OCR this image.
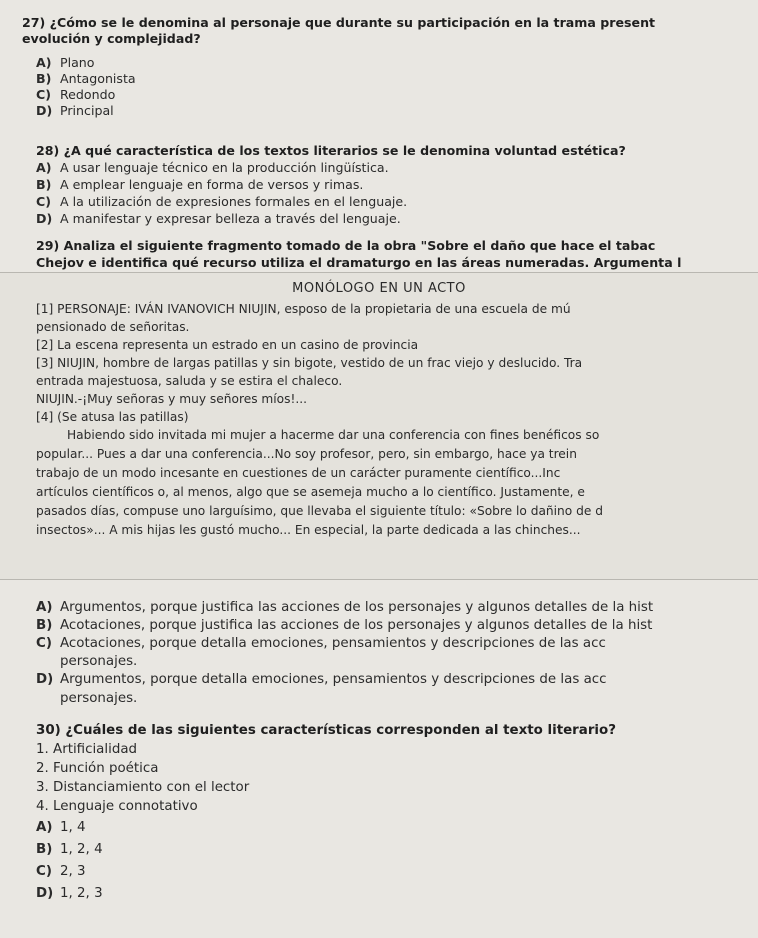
27) ¿Cómo se le denomina al personaje que durante su participación en la trama present
evolución y complejidad?
A) Plano
B) Antagonista
C) Redondo
D) Principal
28) ¿A qué característica de los textos literarios se le denomina voluntad estética?
A) A usar lenguaje técnico en la producción lingüística.
B) A emplear lenguaje en forma de versos y rimas.
C) A la utilización de expresiones formales en el lenguaje.
D) A manifestar y expresar belleza a través del lenguaje.
29) Analiza el siguiente fragmento tomado de la obra "Sobre el daño que hace el tabac
Chejov e identifica qué recurso utiliza el dramaturgo en las áreas numeradas. Argumenta l
MONÓLOGO EN UN ACTO
[1] PERSONAJE: IVÁN IVANOVICH NIUJIN, esposo de la propietaria de una escuela de mú
pensionado de señoritas.
[2] La escena representa un estrado en un casino de provincia
[3] NIUJIN, hombre de largas patillas y sin bigote, vestido de un frac viejo y deslucido. Tra
entrada majestuosa, saluda y se estira el chaleco.
NIUJIN.-¡Muy señoras y muy señores míos!...
[4] (Se atusa las patillas)
Habiendo sido invitada mi mujer a hacerme dar una conferencia con fines benéficos so
popular... Pues a dar una conferencia...No soy profesor, pero, sin embargo, hace ya trein
trabajo de un modo incesante en cuestiones de un carácter puramente científico...Inc
artículos científicos o, al menos, algo que se asemeja mucho a lo científico. Justamente, e
pasados días, compuse uno larguísimo, que llevaba el siguiente título: «Sobre lo dañino de d
insectos»... A mis hijas les gustó mucho... En especial, la parte dedicada a las chinches...
A) Argumentos, porque justifica las acciones de los personajes y algunos detalles de la hist
B) Acotaciones, porque justifica las acciones de los personajes y algunos detalles de la hist
C) Acotaciones, porque detalla emociones, pensamientos y descripciones de las acc
personajes.
D) Argumentos, porque detalla emociones, pensamientos y descripciones de las acc
personajes.
30) ¿Cuáles de las siguientes características corresponden al texto literario?
1. Artificialidad
2. Función poética
3. Distanciamiento con el lector
4. Lenguaje connotativo
A) 1, 4
B) 1, 2, 4
C) 2, 3
D) 1, 2, 3
